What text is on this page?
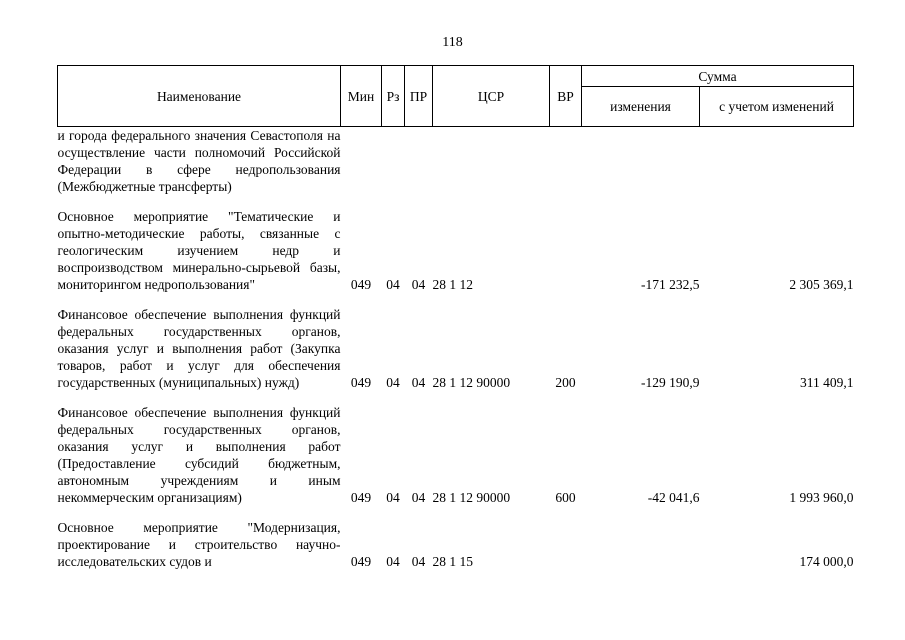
118
Наименование	Мин	Рз	ПР	ЦСР	ВР	Сумма	
						изменения	с учетом изменений
и города федерального значения Севастополя на осуществление части полномочий Российской Федерации в сфере недропользования (Межбюджетные трансферты)							

Основное мероприятие "Тематические и опытно-методические работы, связанные с геологическим изучением недр и воспроизводством минерально-сырьевой базы, мониторингом недропользования"	049	04	04	28 1 12		-171 232,5	2 305 369,1

Финансовое обеспечение выполнения функций федеральных государственных органов, оказания услуг и выполнения работ (Закупка товаров, работ и услуг для обеспечения государственных (муниципальных) нужд)	049	04	04	28 1 12 90000	200	-129 190,9	311 409,1

Финансовое обеспечение выполнения функций федеральных государственных органов, оказания услуг и выполнения работ (Предоставление субсидий бюджетным, автономным учреждениям и иным некоммерческим организациям)	049	04	04	28 1 12 90000	600	-42 041,6	1 993 960,0

Основное мероприятие "Модернизация, проектирование и строительство научно-исследовательских судов и	049	04	04	28 1 15			174 000,0
